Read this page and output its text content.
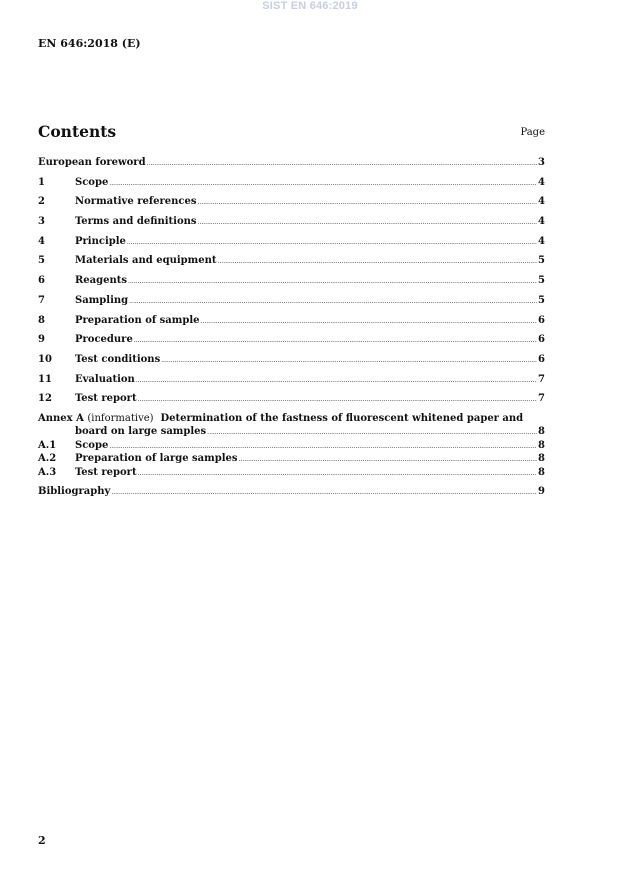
SIST EN 646:2019
EN 646:2018 (E)
Contents	Page
European foreword .....	3
1	Scope .....	4
2	Normative references .....	4
3	Terms and definitions .....	4
4	Principle .....	4
5	Materials and equipment .....	5
6	Reagents .....	5
7	Sampling .....	5
8	Preparation of sample .....	6
9	Procedure .....	6
10	Test conditions .....	6
11	Evaluation .....	7
12	Test report .....	7
Annex A (informative) Determination of the fastness of fluorescent whitened paper and
board on large samples .....	8
A.1	Scope .....	8
A.2	Preparation of large samples .....	8
A.3	Test report .....	8
Bibliography .....	9
2
